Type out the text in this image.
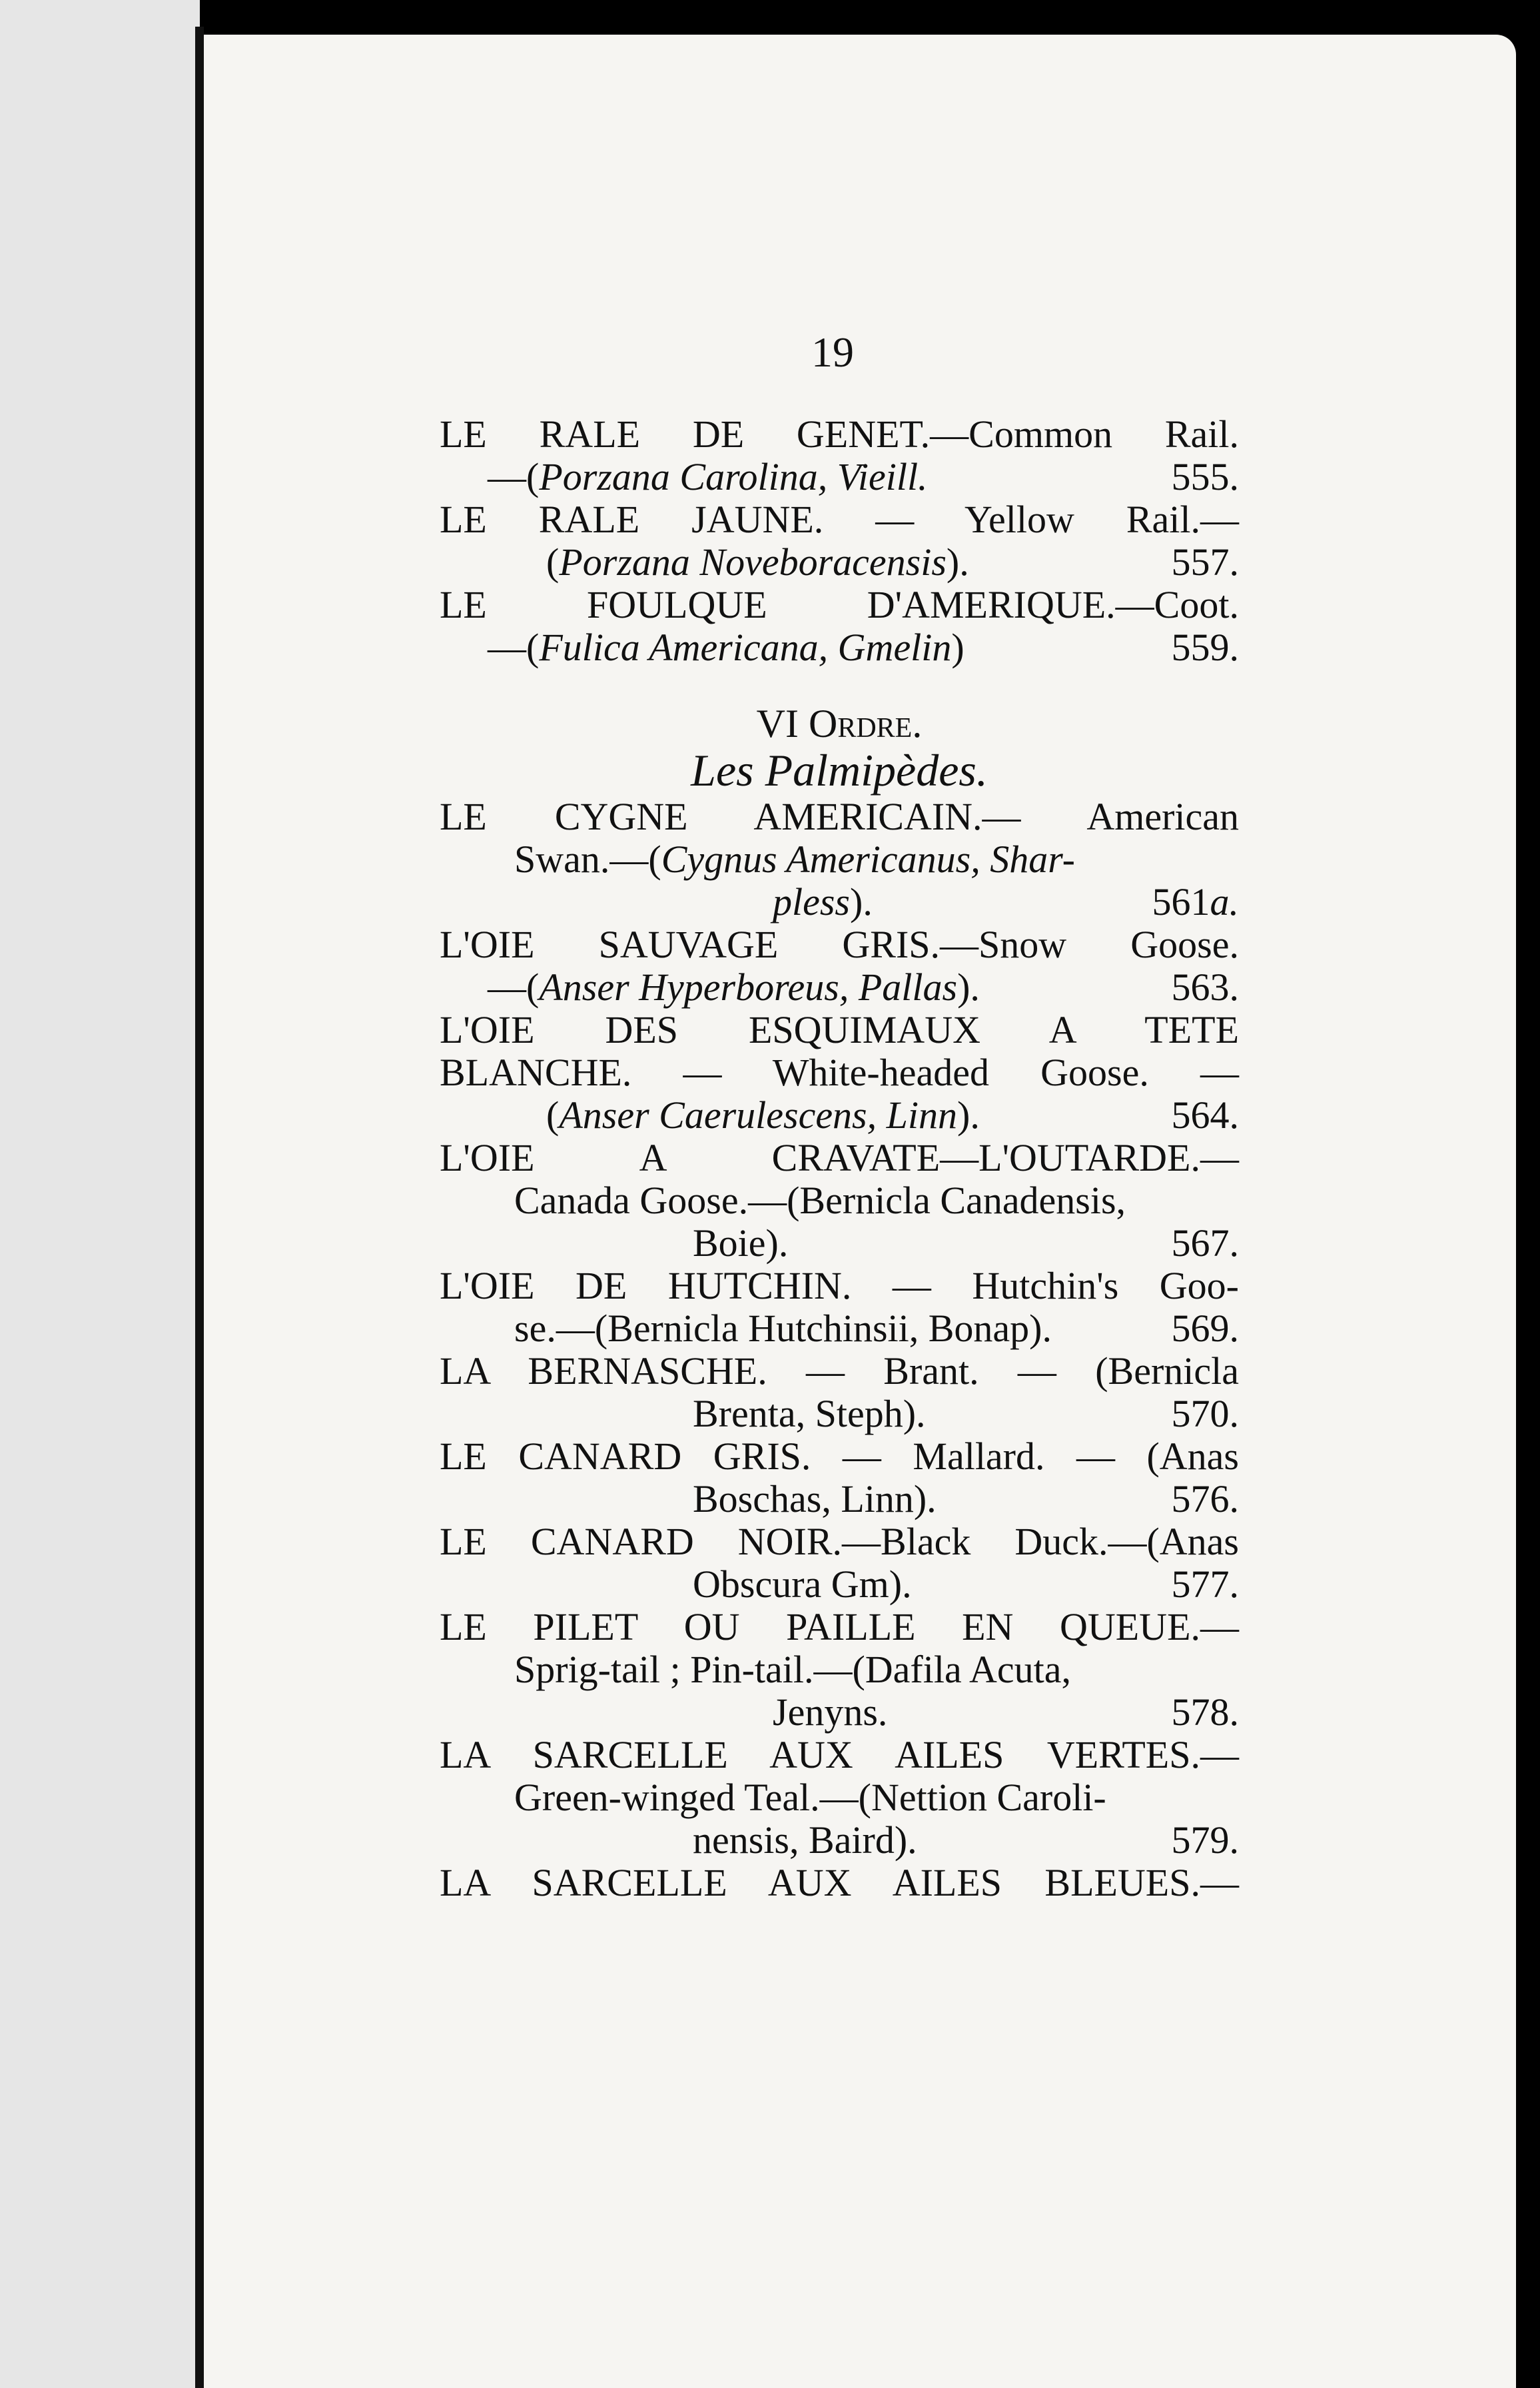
19
LE RALE DE GENET.—Common Rail.
—(Porzana Carolina, Vieill.	555.
LE RALE JAUNE. — Yellow Rail.—
(Porzana Noveboracensis).	557.
LE FOULQUE D'AMERIQUE.—Coot.
—(Fulica Americana, Gmelin)	559.
VI Ordre.
Les Palmipèdes.
LE CYGNE AMERICAIN.— American
Swan.—(Cygnus Americanus, Shar-
pless).	561a.
L'OIE SAUVAGE GRIS.—Snow Goose.
—(Anser Hyperboreus, Pallas).	563.
L'OIE DES ESQUIMAUX A TETE
BLANCHE. — White-headed Goose. —
(Anser Caerulescens, Linn).	564.
L'OIE A CRAVATE—L'OUTARDE.—
Canada Goose.—(Bernicla Canadensis,
Boie).	567.
L'OIE DE HUTCHIN. — Hutchin's Goo-
se.—(Bernicla Hutchinsii, Bonap).	569.
LA BERNASCHE. — Brant. — (Bernicla
Brenta, Steph).	570.
LE CANARD GRIS. — Mallard. — (Anas
Boschas, Linn).	576.
LE CANARD NOIR.—Black Duck.—(Anas
Obscura Gm).	577.
LE PILET OU PAILLE EN QUEUE.—
Sprig-tail ; Pin-tail.—(Dafila Acuta,
Jenyns.	578.
LA SARCELLE AUX AILES VERTES.—
Green-winged Teal.—(Nettion Caroli-
nensis, Baird).	579.
LA SARCELLE AUX AILES BLEUES.—
